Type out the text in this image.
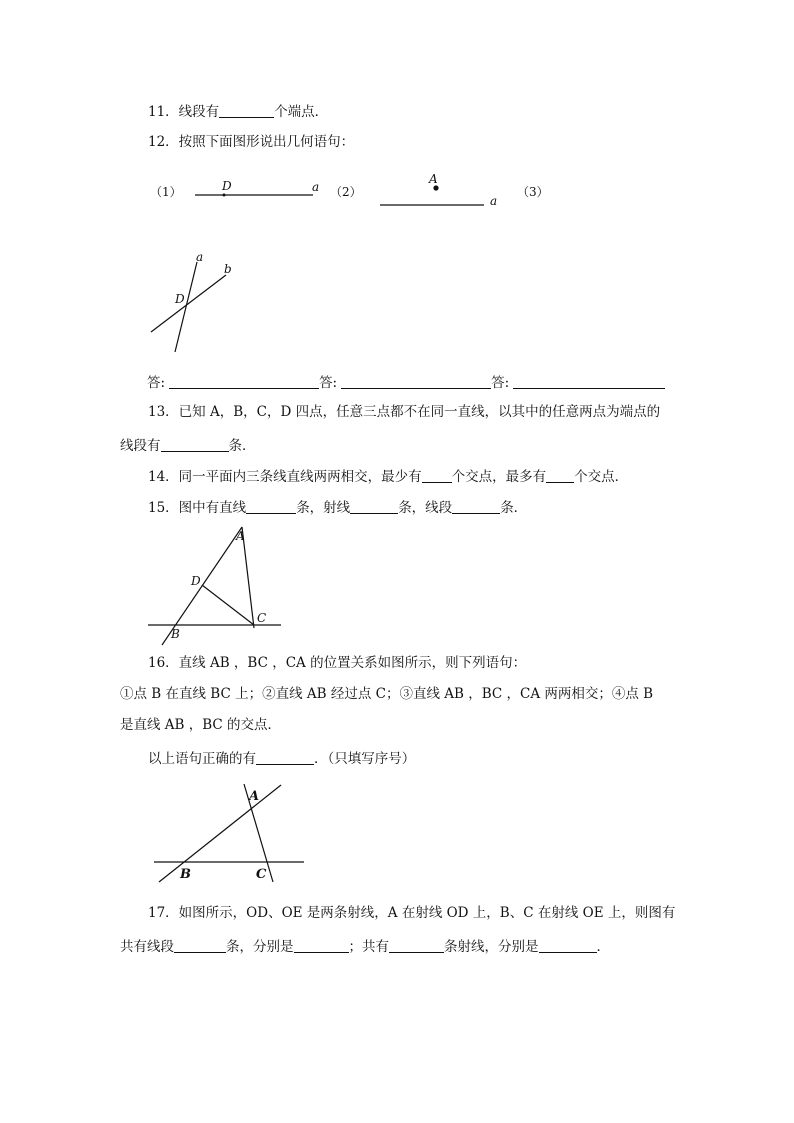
11．线段有	个端点．
12．按照下面图形说出几何语句：
（1）	（2）	（3）
D	a
A
a
a
b
D
A
D
C
B
A
B	C
答:	答:	答:
13．已知 A，B，C，D 四点，任意三点都不在同一直线，以其中的任意两点为端点的
线段有	条．
14．同一平面内三条线直线两两相交，最少有 个交点，最多有 个交点．
15．图中有直线	条，射线	条，线段	条．
16．直线 AB ，BC ，CA 的位置关系如图所示，则下列语句：
①点 B 在直线 BC 上；②直线 AB 经过点 C；③直线 AB ，BC ，CA 两两相交；④点 B
是直线 AB ，BC 的交点．
以上语句正确的有	．（只填写序号）
17．如图所示，OD、OE 是两条射线，A 在射线 OD 上，B、C 在射线 OE 上，则图有
共有线段	条，分别是	；共有	条射线，分别是	．
